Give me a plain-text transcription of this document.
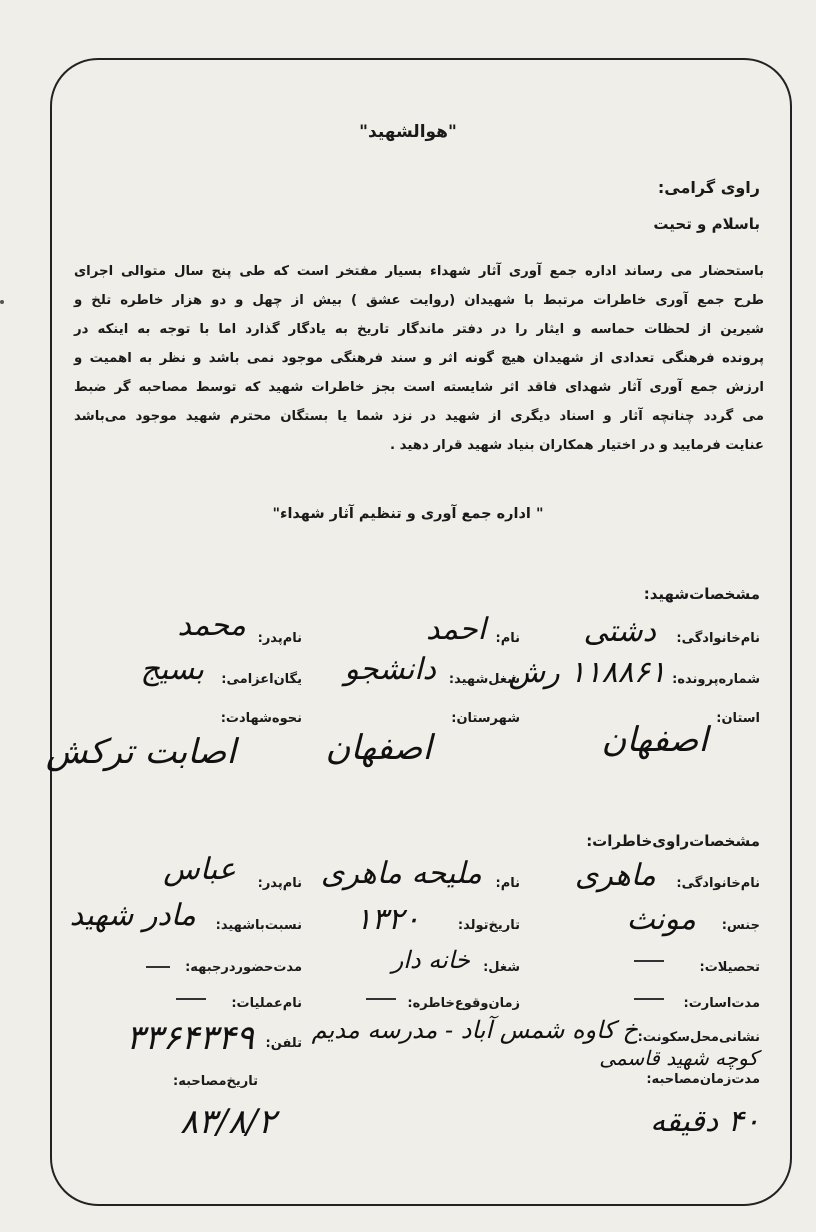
"هوالشهید"
راوی گرامی:
باسلام و تحیت
باستحضار می رساند اداره جمع آوری آثار شهداء بسیار مفتخر است که طی پنج سال متوالی اجرای
طرح جمع آوری خاطرات مرتبط با شهیدان (روایت عشق ) بیش از چهل و دو هزار خاطره تلخ و
شیرین از لحظات حماسه و ایثار را در دفتر ماندگار تاریخ به یادگار گذارد اما با توجه به اینکه در
پرونده فرهنگی تعدادی از شهیدان هیچ گونه اثر و سند فرهنگی موجود نمی باشد و نظر به اهمیت و
ارزش جمع آوری آثار شهدای فاقد اثر شایسته است بجز خاطرات شهید که توسط مصاحبه گر ضبط
می گردد چنانچه آثار و اسناد دیگری از شهید در نزد شما یا بستگان محترم شهید موجود می‌باشد
عنایت فرمایید و در اختیار همکاران بنیاد شهید قرار دهید .
" اداره جمع آوری و تنظیم آثار شهداء"
مشخصات‌شهید:
نام‌خانوادگی:
دشتی
نام:
احمد
نام‌پدر:
محمد
شماره‌پرونده:
۱۱۸۸۶۱ رش
شغل‌شهید:
دانشجو
یگان‌اعزامی:
بسیج
استان:
اصفهان
شهرستان:
اصفهان
نحوه‌شهادت:
اصابت ترکش
مشخصات‌راوی‌خاطرات:
نام‌خانوادگی:
ماهری
نام:
ملیحه ماهری
نام‌پدر:
عباس
جنس:
مونث
تاریخ‌تولد:
۱۳۲۰
نسبت‌باشهید:
مادر شهید
تحصیلات:
شغل:
خانه دار
مدت‌حضوردرجبهه:
مدت‌اسارت:
زمان‌وقوع‌خاطره:
نام‌عملیات:
نشانی‌محل‌سکونت:
خ کاوه شمس آباد - مدرسه مدیم
کوچه شهید قاسمی
تلفن:
۳۳۶۴۳۴۹
مدت‌زمان‌مصاحبه:
۴۰ دقیقه
تاریخ‌مصاحبه:
۸۳/۸/۲
